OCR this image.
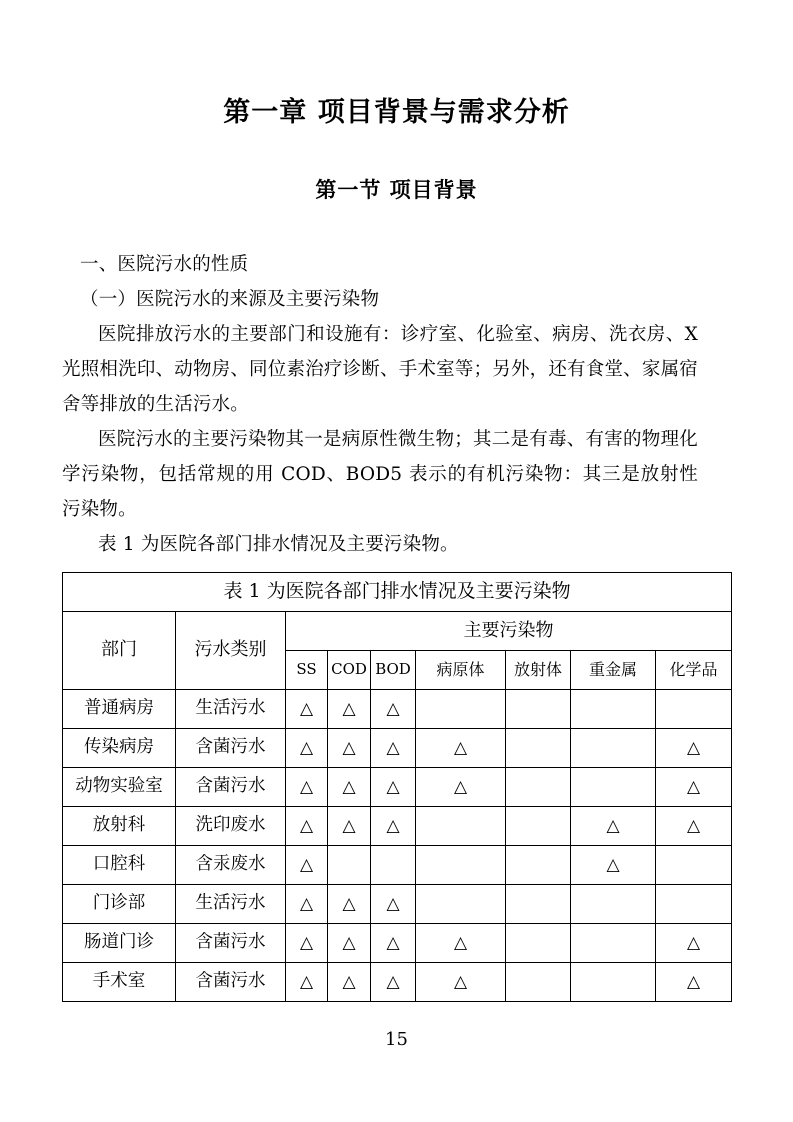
第一章 项目背景与需求分析
第一节 项目背景

一、医院污水的性质

（一）医院污水的来源及主要污染物

医院排放污水的主要部门和设施有：诊疗室、化验室、病房、洗衣房、X 光照相洗印、动物房、同位素治疗诊断、手术室等；另外，还有食堂、家属宿舍等排放的生活污水。

医院污水的主要污染物其一是病原性微生物；其二是有毒、有害的物理化学污染物，包括常规的用 COD、BOD5 表示的有机污染物：其三是放射性污染物。

表 1 为医院各部门排水情况及主要污染物。

表 1 为医院各部门排水情况及主要污染物								
部门	污水类别	主要污染物						
		SS	COD	BOD	病原体	放射体	重金属	化学品
普通病房	生活污水	△	△	△				
传染病房	含菌污水	△	△	△	△			△
动物实验室	含菌污水	△	△	△	△			△
放射科	洗印废水	△	△	△			△	△
口腔科	含汞废水	△					△	
门诊部	生活污水	△	△	△				
肠道门诊	含菌污水	△	△	△	△			△
手术室	含菌污水	△	△	△	△			△
15
